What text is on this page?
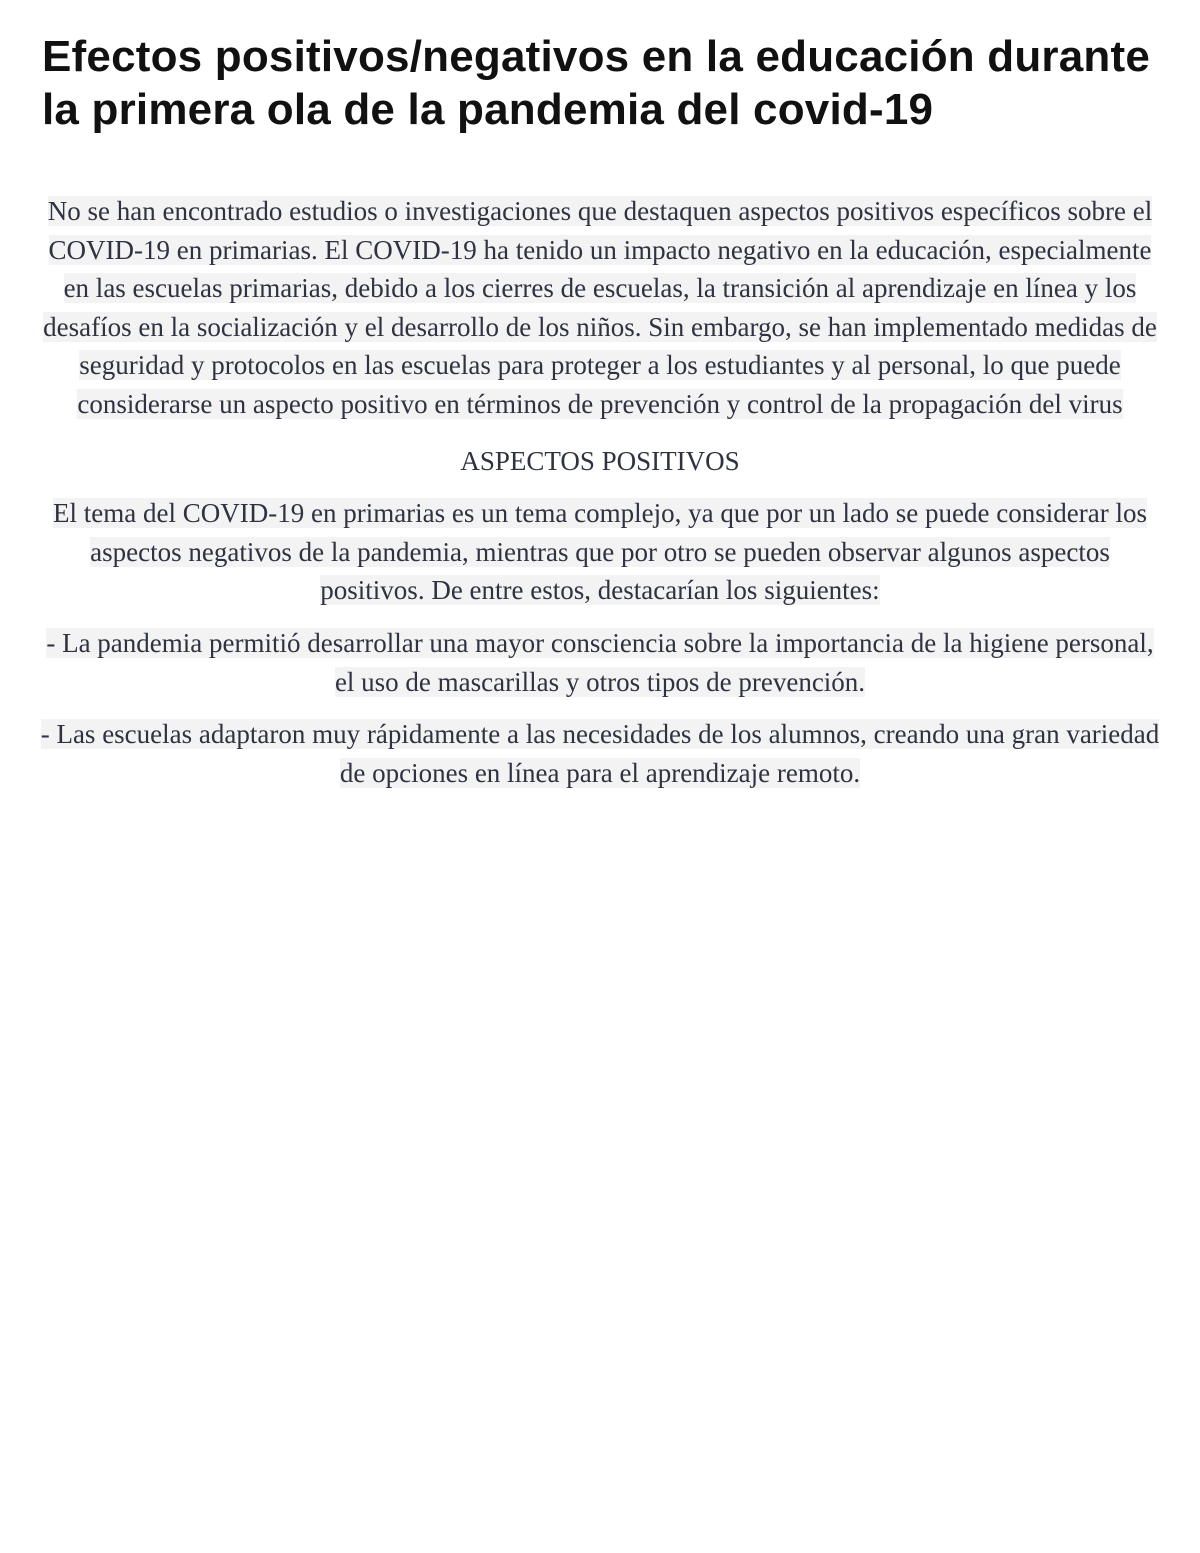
Efectos positivos/negativos en la educación durante la primera ola de la pandemia del covid-19

No se han encontrado estudios o investigaciones que destaquen aspectos positivos específicos sobre el COVID-19 en primarias. El COVID-19 ha tenido un impacto negativo en la educación, especialmente en las escuelas primarias, debido a los cierres de escuelas, la transición al aprendizaje en línea y los desafíos en la socialización y el desarrollo de los niños. Sin embargo, se han implementado medidas de seguridad y protocolos en las escuelas para proteger a los estudiantes y al personal, lo que puede considerarse un aspecto positivo en términos de prevención y control de la propagación del virus

ASPECTOS POSITIVOS

El tema del COVID-19 en primarias es un tema complejo, ya que por un lado se puede considerar los aspectos negativos de la pandemia, mientras que por otro se pueden observar algunos aspectos positivos. De entre estos, destacarían los siguientes:

- La pandemia permitió desarrollar una mayor consciencia sobre la importancia de la higiene personal, el uso de mascarillas y otros tipos de prevención.

- Las escuelas adaptaron muy rápidamente a las necesidades de los alumnos, creando una gran variedad de opciones en línea para el aprendizaje remoto.
